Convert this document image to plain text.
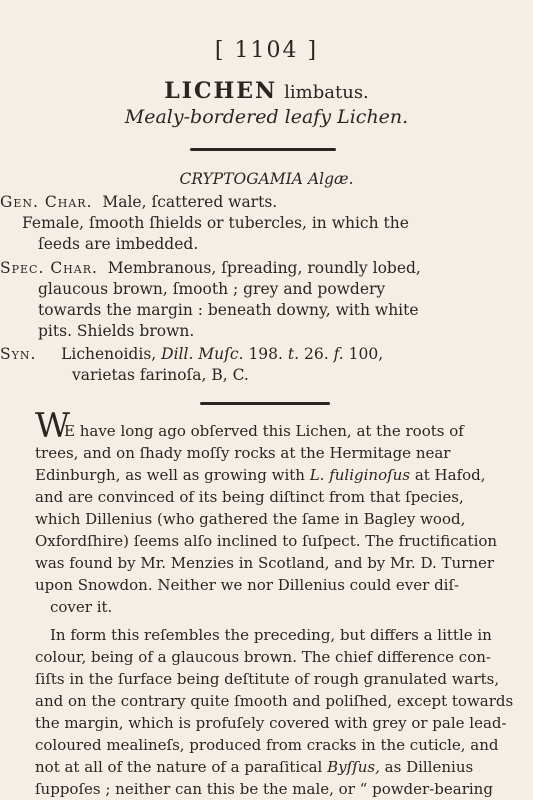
[ 1104 ]
LICHEN limbatus.
Mealy-bordered leafy Lichen.
CRYPTOGAMIA Algæ.
Gen. Char. Male, ſcattered warts.
Female, ſmooth ſhields or tubercles, in which the
ſeeds are imbedded.
Spec. Char. Membranous, ſpreading, roundly lobed,
glaucous brown, ſmooth ; grey and powdery
towards the margin : beneath downy, with white
pits. Shields brown.
Syn. Lichenoidis, Dill. Muſc. 198. t. 26. f. 100,
varietas farinoſa, B, C.
W
E have long ago obſerved this Lichen, at the roots of
trees, and on ſhady moſſy rocks at the Hermitage near
Edinburgh, as well as growing with L. fuliginoſus at Hafod,
and are convinced of its being diſtinct from that ſpecies,
which Dillenius (who gathered the ſame in Bagley wood,
Oxfordſhire) ſeems alſo inclined to ſuſpect. The fructification
was found by Mr. Menzies in Scotland, and by Mr. D. Turner
upon Snowdon. Neither we nor Dillenius could ever diſ-
cover it.
In form this reſembles the preceding, but differs a little in
colour, being of a glaucous brown. The chief difference con-
ſiſts in the ſurface being deſtitute of rough granulated warts,
and on the contrary quite ſmooth and poliſhed, except towards
the margin, which is profuſely covered with grey or pale lead-
coloured mealineſs, produced from cracks in the cuticle, and
not at all of the nature of a paraſitical Byſſus, as Dillenius
ſuppoſes ; neither can this be the male, or “ powder-bearing
